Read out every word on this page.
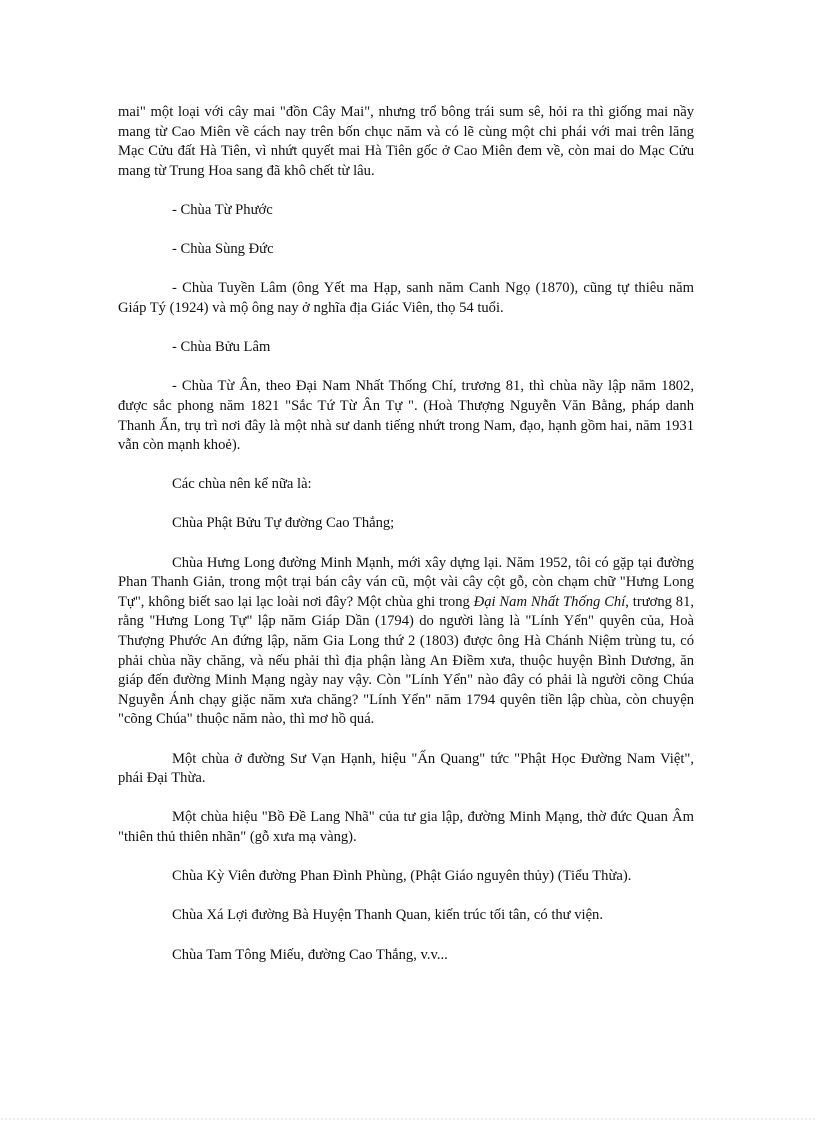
mai" một loại với cây mai "đồn Cây Mai", nhưng trổ bông trái sum sê, hỏi ra thì giống mai nầy mang từ Cao Miên về cách nay trên bốn chục năm và có lẽ cùng một chi phái với mai trên lăng Mạc Cửu đất Hà Tiên, vì nhứt quyết mai Hà Tiên gốc ở Cao Miên đem về, còn mai do Mạc Cửu mang từ Trung Hoa sang đã khô chết từ lâu.

- Chùa Từ Phước

- Chùa Sùng Đức

- Chùa Tuyền Lâm (ông Yết ma Hạp, sanh năm Canh Ngọ (1870), cũng tự thiêu năm Giáp Tý (1924) và mộ ông nay ở nghĩa địa Giác Viên, thọ 54 tuổi.

- Chùa Bửu Lâm

- Chùa Từ Ân, theo Đại Nam Nhất Thống Chí, trương 81, thì chùa nầy lập năm 1802, được sắc phong năm 1821 "Sắc Tứ Từ Ân Tự ". (Hoà Thượng Nguyễn Văn Bằng, pháp danh Thanh Ẩn, trụ trì nơi đây là một nhà sư danh tiếng nhứt trong Nam, đạo, hạnh gồm hai, năm 1931 vẫn còn mạnh khoẻ).

Các chùa nên kể nữa là:

Chùa Phật Bửu Tự đường Cao Thắng;

Chùa Hưng Long đường Minh Mạnh, mới xây dựng lại. Năm 1952, tôi có gặp tại đường Phan Thanh Giản, trong một trại bán cây ván cũ, một vài cây cột gỗ, còn chạm chữ "Hưng Long Tự", không biết sao lại lạc loài nơi đây? Một chùa ghi trong Đại Nam Nhất Thống Chí, trương 81, rằng "Hưng Long Tự" lập năm Giáp Dần (1794) do người làng là "Lính Yển" quyên của, Hoà Thượng Phước An đứng lập, năm Gia Long thứ 2 (1803) được ông Hà Chánh Niệm trùng tu, có phải chùa nầy chăng, và nếu phải thì địa phận làng An Điềm xưa, thuộc huyện Bình Dương, ăn giáp đến đường Minh Mạng ngày nay vậy. Còn "Lính Yển" nào đây có phải là người cõng Chúa Nguyễn Ánh chạy giặc năm xưa chăng? "Lính Yển" năm 1794 quyên tiền lập chùa, còn chuyện "cõng Chúa" thuộc năm nào, thì mơ hồ quá.

Một chùa ở đường Sư Vạn Hạnh, hiệu "Ấn Quang" tức "Phật Học Đường Nam Việt", phái Đại Thừa.

Một chùa hiệu "Bồ Đề Lang Nhã" của tư gia lập, đường Minh Mạng, thờ đức Quan Âm "thiên thủ thiên nhãn" (gỗ xưa mạ vàng).

Chùa Kỳ Viên đường Phan Đình Phùng, (Phật Giáo nguyên thủy) (Tiểu Thừa).

Chùa Xá Lợi đường Bà Huyện Thanh Quan, kiến trúc tối tân, có thư viện.

Chùa Tam Tông Miếu, đường Cao Thắng, v.v...
